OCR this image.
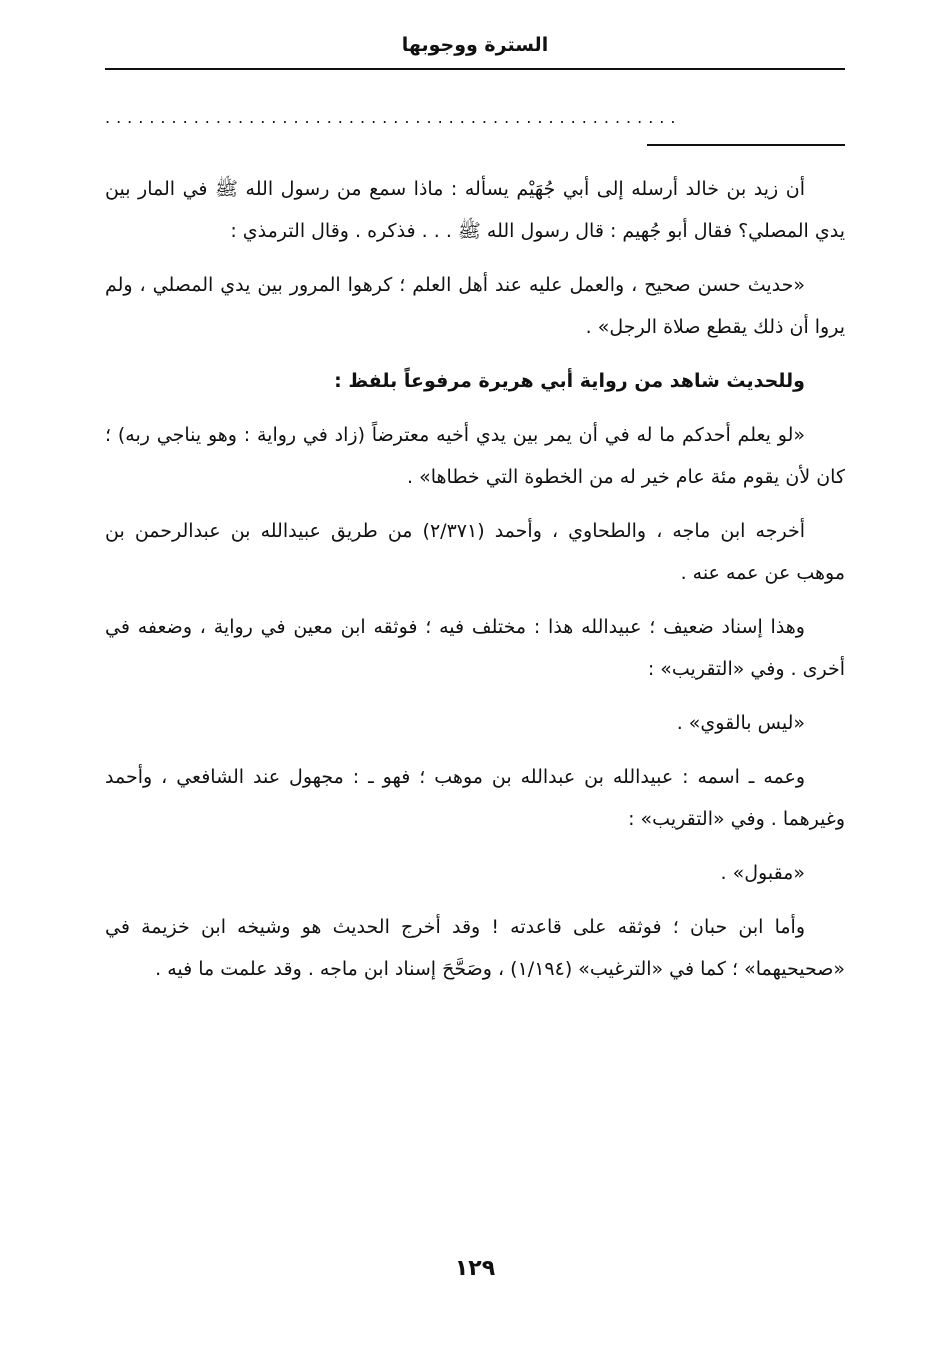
السترة ووجوبها
....................................................

أن زيد بن خالد أرسله إلى أبي جُهَيْم يسأله : ماذا سمع من رسول الله ﷺ في المار بين يدي المصلي؟ فقال أبو جُهيم : قال رسول الله ﷺ . . . فذكره . وقال الترمذي :

«حديث حسن صحيح ، والعمل عليه عند أهل العلم ؛ كرهوا المرور بين يدي المصلي ، ولم يروا أن ذلك يقطع صلاة الرجل» .

وللحديث شاهد من رواية أبي هريرة مرفوعاً بلفظ :

«لو يعلم أحدكم ما له في أن يمر بين يدي أخيه معترضاً (زاد في رواية : وهو يناجي ربه) ؛ كان لأن يقوم مئة عام خير له من الخطوة التي خطاها» .

أخرجه ابن ماجه ، والطحاوي ، وأحمد (٢/٣٧١) من طريق عبيدالله بن عبدالرحمن بن موهب عن عمه عنه .

وهذا إسناد ضعيف ؛ عبيدالله هذا : مختلف فيه ؛ فوثقه ابن معين في رواية ، وضعفه في أخرى . وفي «التقريب» :

«ليس بالقوي» .

وعمه ـ اسمه : عبيدالله بن عبدالله بن موهب ؛ فهو ـ : مجهول عند الشافعي ، وأحمد وغيرهما . وفي «التقريب» :

«مقبول» .

وأما ابن حبان ؛ فوثقه على قاعدته ! وقد أخرج الحديث هو وشيخه ابن خزيمة في «صحيحيهما» ؛ كما في «الترغيب» (١/١٩٤) ، وصَحَّحَ إسناد ابن ماجه . وقد علمت ما فيه .

١٢٩
